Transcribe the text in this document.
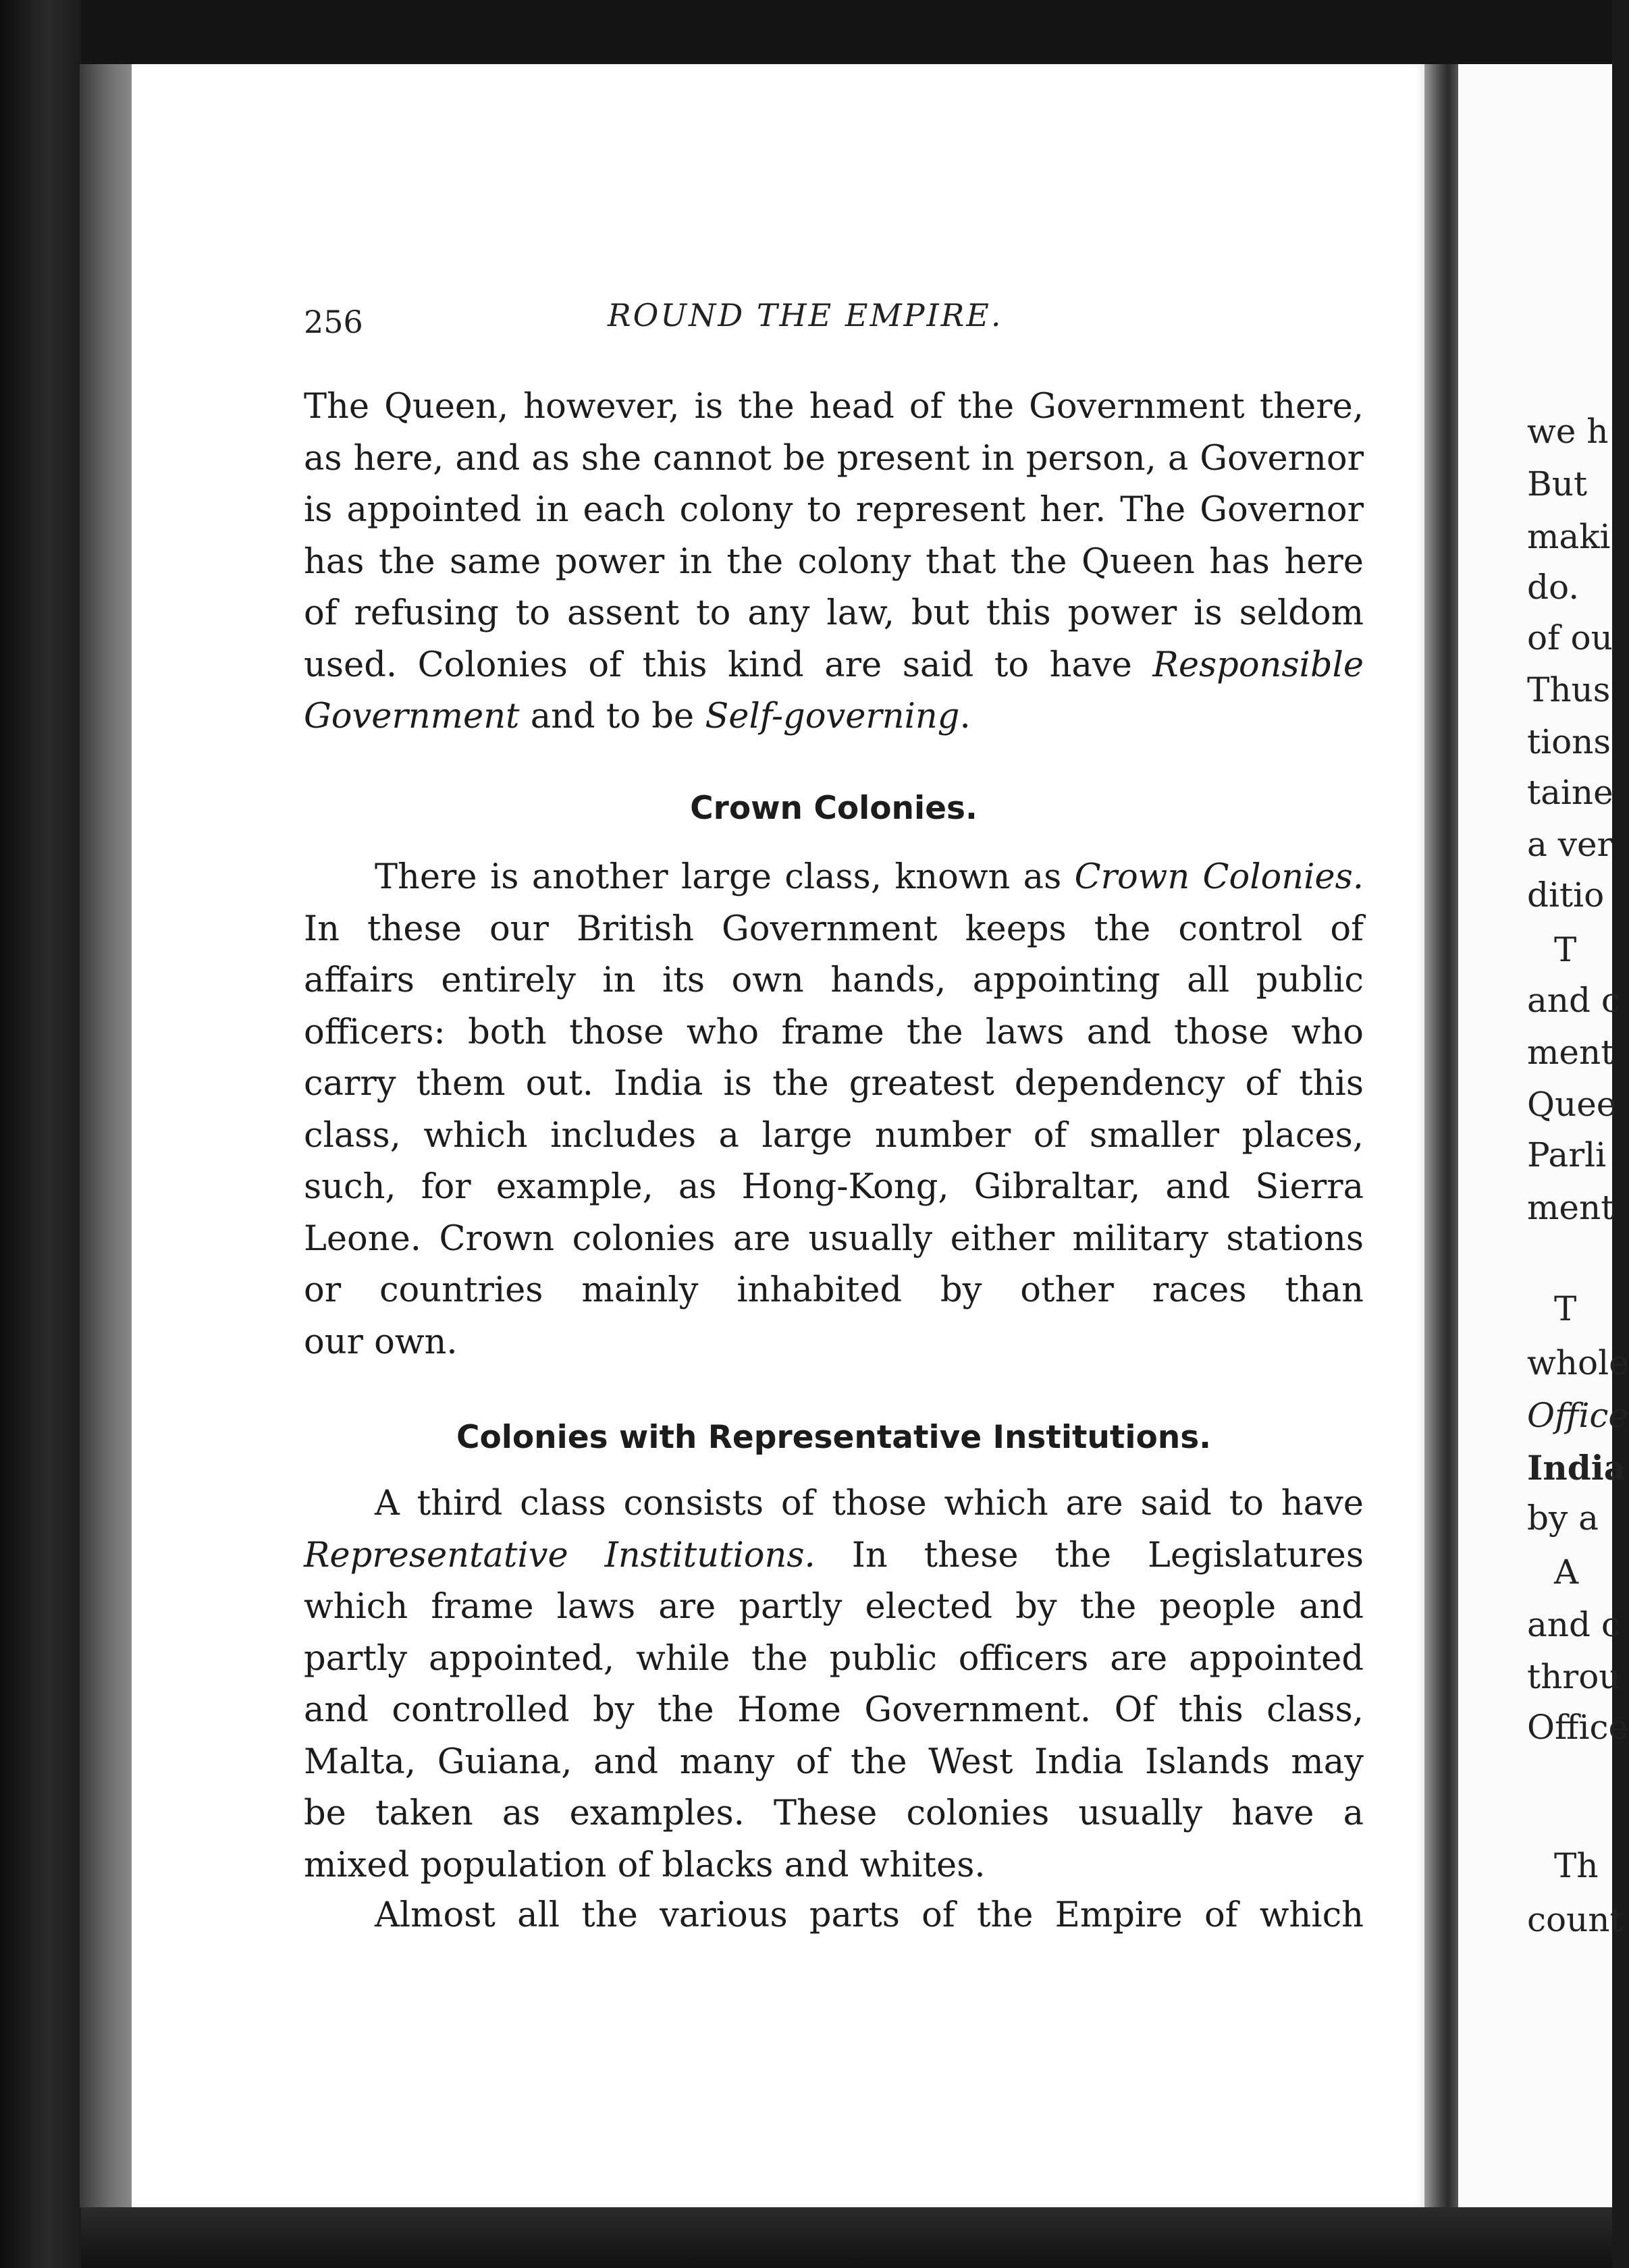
256	ROUND THE EMPIRE.

The Queen, however, is the head of the Government there,
as here, and as she cannot be present in person, a Governor
is appointed in each colony to represent her. The Governor
has the same power in the colony that the Queen has here
of refusing to assent to any law, but this power is seldom
used. Colonies of this kind are said to have Responsible
Government and to be Self-governing.

Crown Colonies.

There is another large class, known as Crown Colonies.
In these our British Government keeps the control of
affairs entirely in its own hands, appointing all public
officers: both those who frame the laws and those who
carry them out. India is the greatest dependency of this
class, which includes a large number of smaller places,
such, for example, as Hong-Kong, Gibraltar, and Sierra
Leone. Crown colonies are usually either military stations
or countries mainly inhabited by other races than
our own.

Colonies with Representative Institutions.

A third class consists of those which are said to have
Representative Institutions. In these the Legislatures
which frame laws are partly elected by the people and
partly appointed, while the public officers are appointed
and controlled by the Home Government. Of this class,
Malta, Guiana, and many of the West India Islands may
be taken as examples. These colonies usually have a
mixed population of blacks and whites.

Almost all the various parts of the Empire of which

we h
But
maki
do.
of ou
Thus
tions
taine
a ver
ditio
T
and c
ment
Quee
Parli
ment
T
whole
Office
India
by a
A
and c
throu
Office
Th
count
